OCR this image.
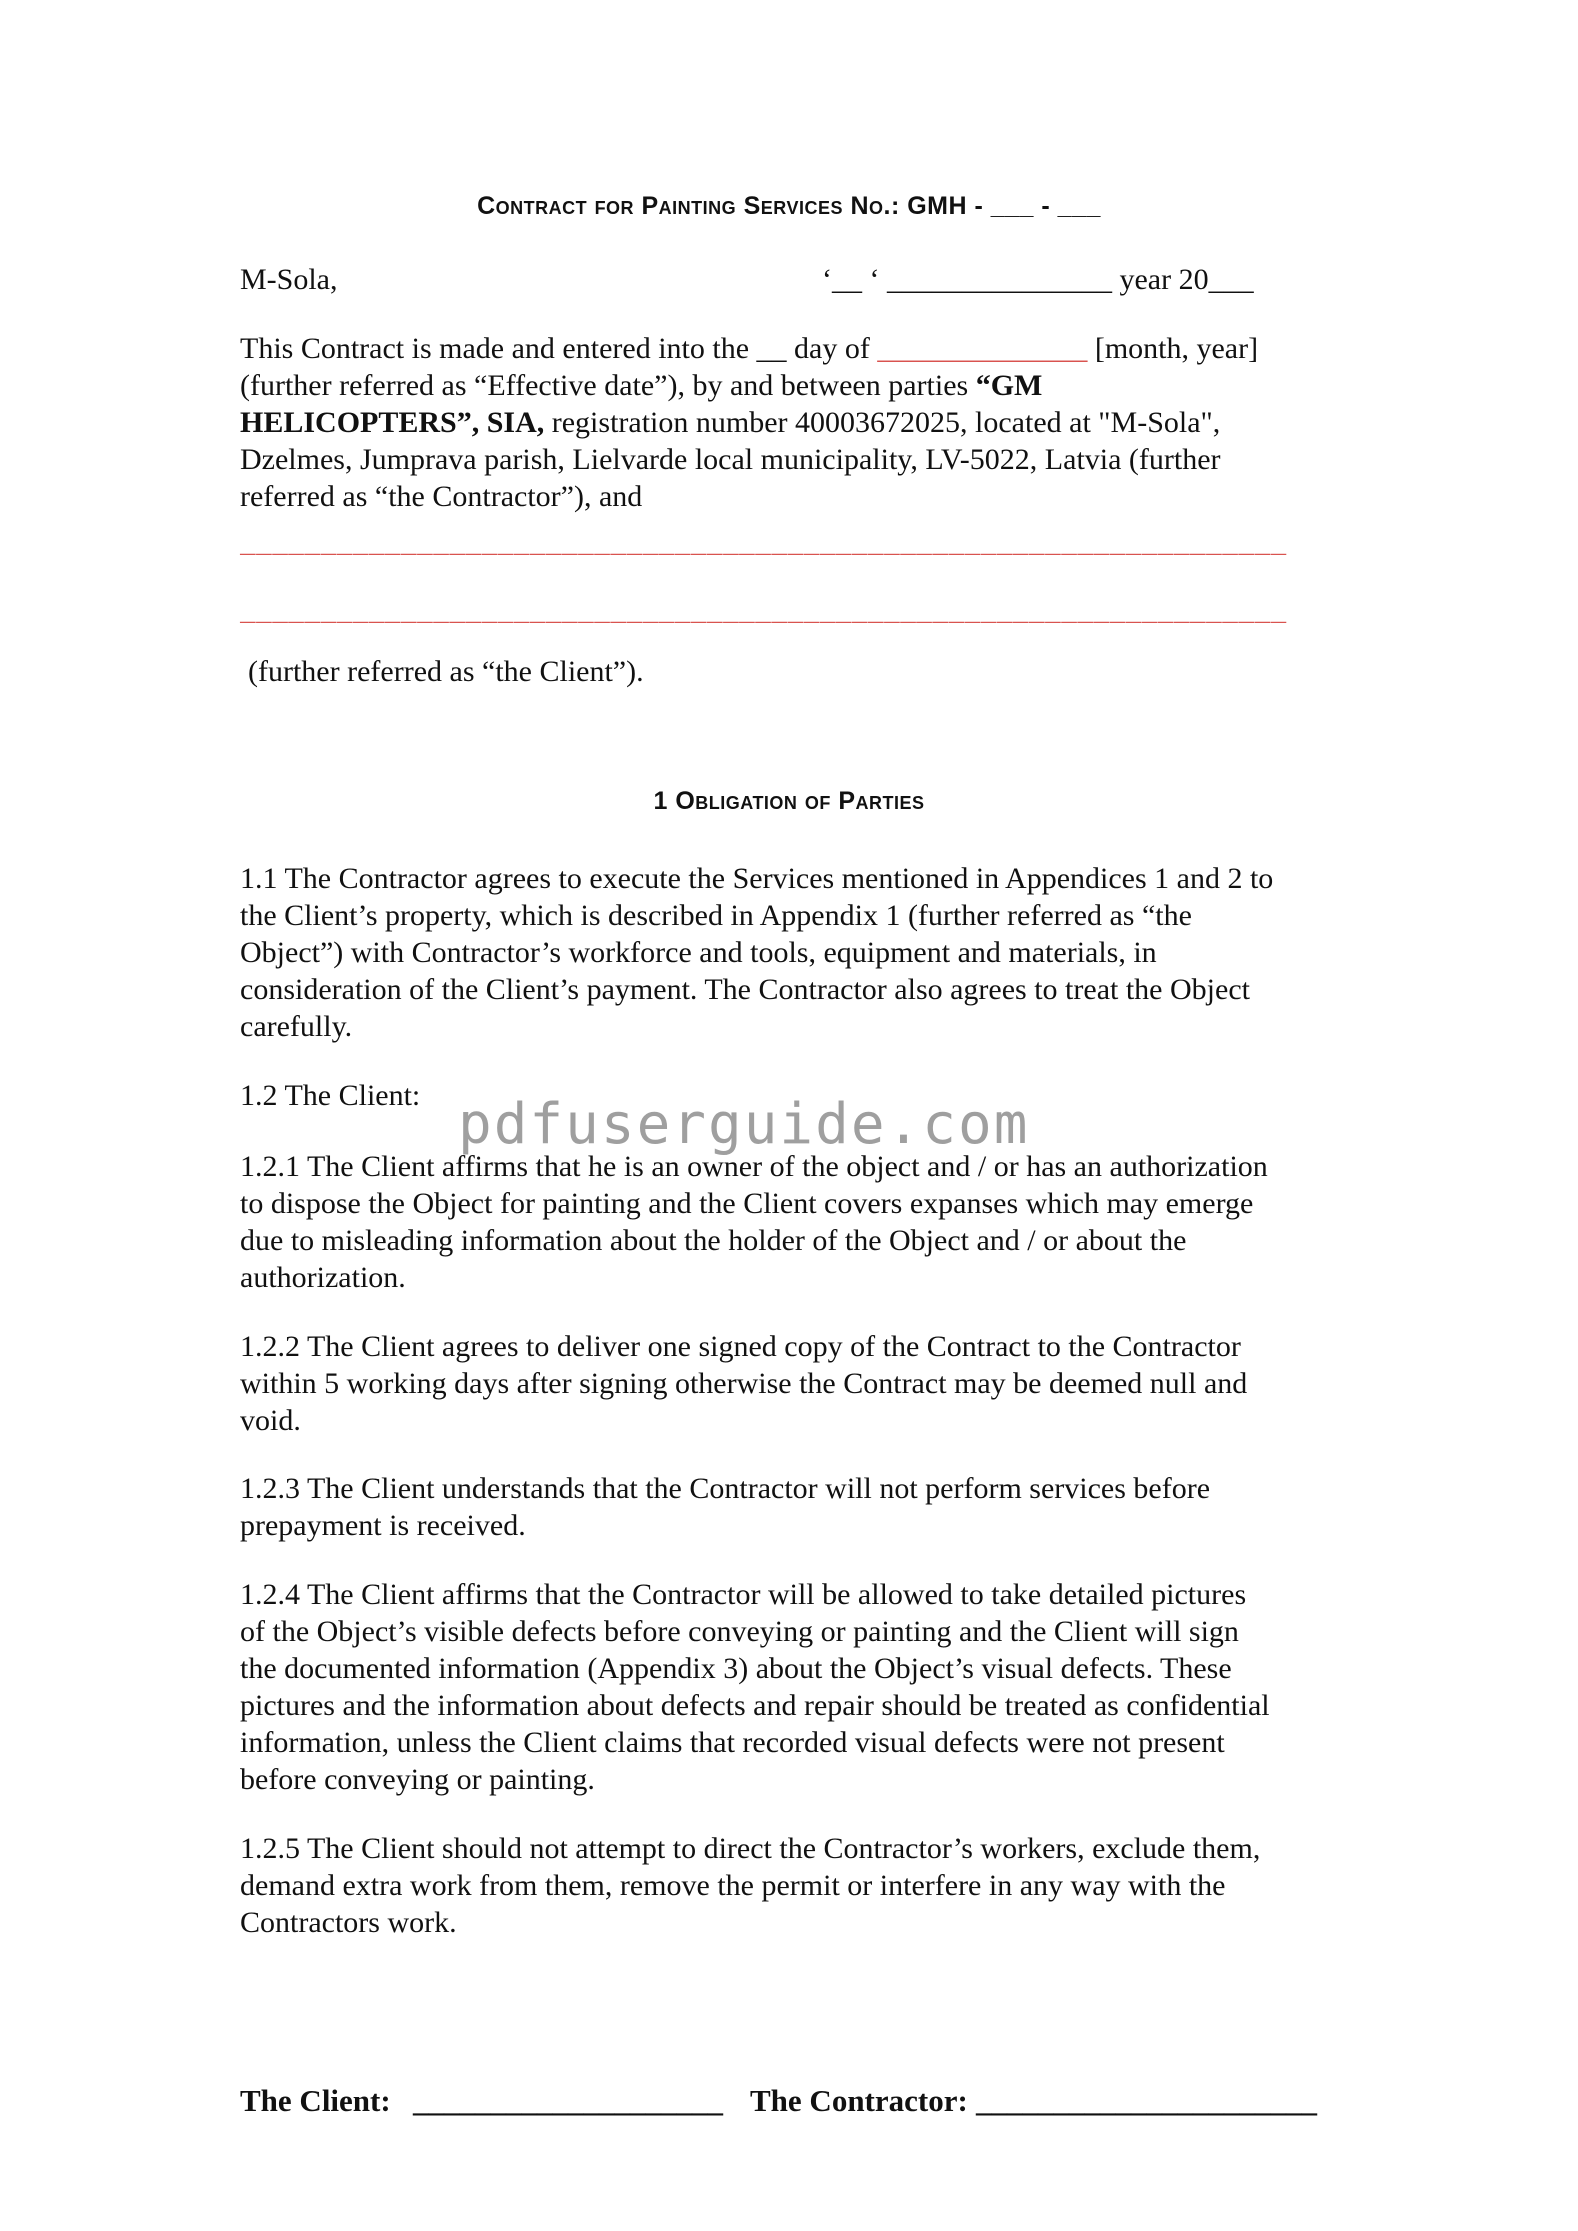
Contract for Painting Services No.: GMH - ___ - ___
M-Sola,	‘__ ‘ _______________ year 20___
This Contract is made and entered into the __ day of ______________ [month, year]
(further referred as “Effective date”), by and between parties “GM
HELICOPTERS”, SIA, registration number 40003672025, located at "M-Sola",
Dzelmes, Jumprava parish, Lielvarde local municipality, LV-5022, Latvia (further
referred as “the Contractor”), and
_________________________________________________________________
_________________________________________________________________
(further referred as “the Client”).
1 Obligation of Parties
1.1 The Contractor agrees to execute the Services mentioned in Appendices 1 and 2 to
the Client’s property, which is described in Appendix 1 (further referred as “the
Object”) with Contractor’s workforce and tools, equipment and materials, in
consideration of the Client’s payment. The Contractor also agrees to treat the Object
carefully.
1.2 The Client:
1.2.1 The Client affirms that he is an owner of the object and / or has an authorization
to dispose the Object for painting and the Client covers expanses which may emerge
due to misleading information about the holder of the Object and / or about the
authorization.
1.2.2 The Client agrees to deliver one signed copy of the Contract to the Contractor
within 5 working days after signing otherwise the Contract may be deemed null and
void.
1.2.3 The Client understands that the Contractor will not perform services before
prepayment is received.
1.2.4 The Client affirms that the Contractor will be allowed to take detailed pictures
of the Object’s visible defects before conveying or painting and the Client will sign
the documented information (Appendix 3) about the Object’s visual defects. These
pictures and the information about defects and repair should be treated as confidential
information, unless the Client claims that recorded visual defects were not present
before conveying or painting.
1.2.5 The Client should not attempt to direct the Contractor’s workers, exclude them,
demand extra work from them, remove the permit or interfere in any way with the
Contractors work.
pdfuserguide.com
The Client: ____________________ The Contractor: ______________________
